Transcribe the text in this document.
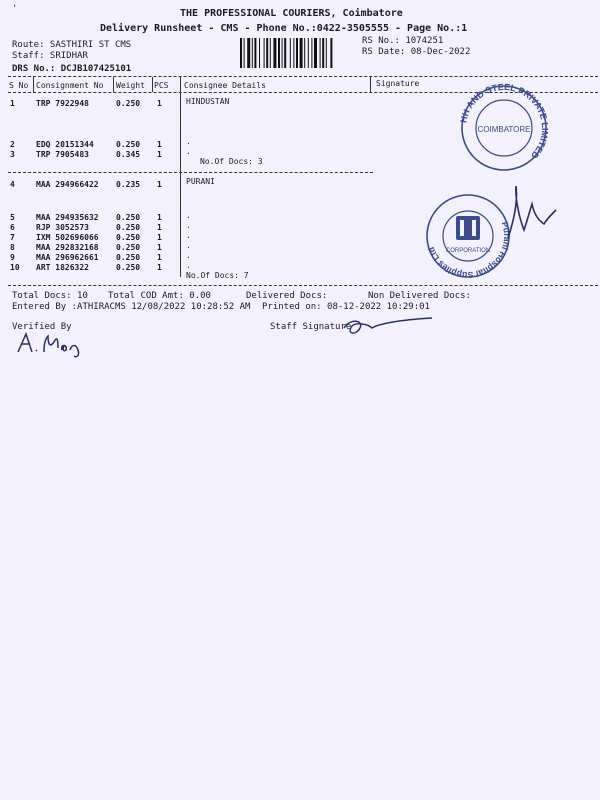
'	THE PROFESSIONAL COURIERS, Coimbatore
Delivery Runsheet - CMS - Phone No.:0422-3505555 - Page No.:1
Route: SASTHIRI ST CMS
Staff: SRIDHAR
DRS No.: DCJB107425101
RS No.: 1074251
RS Date: 08-Dec-2022
S No Consignment No Weight PCS Consignee Details	Signature
1	TRP 7922948	0.250 1	HINDUSTAN
2	EDQ 20151344	0.250 1	.
3	TRP 7905483	0.345 1	.
No.Of Docs: 3
4	MAA 294966422 0.235 1	PURANI
5	MAA 294935632 0.250 1	.
6	RJP 3052573	0.250 1	.
7	IXM 502696066 0.250 1	.
8	MAA 292832168 0.250 1	.
9	MAA 296962661 0.250 1	.
10 ART 1826322	0.250 1	.
No.Of Docs: 7
Total Docs: 10 Total COD Amt: 0.00	Delivered Docs:	Non Delivered Docs:
Entered By :ATHIRACMS 12/08/2022 10:28:52 AM Printed on: 08-12-2022 10:29:01
Verified By	Staff Signature
HH AND STEEL PRIVATE LIMITED
COIMBATORE
Purani Hospital Supplies Ltd	CORPORATION
